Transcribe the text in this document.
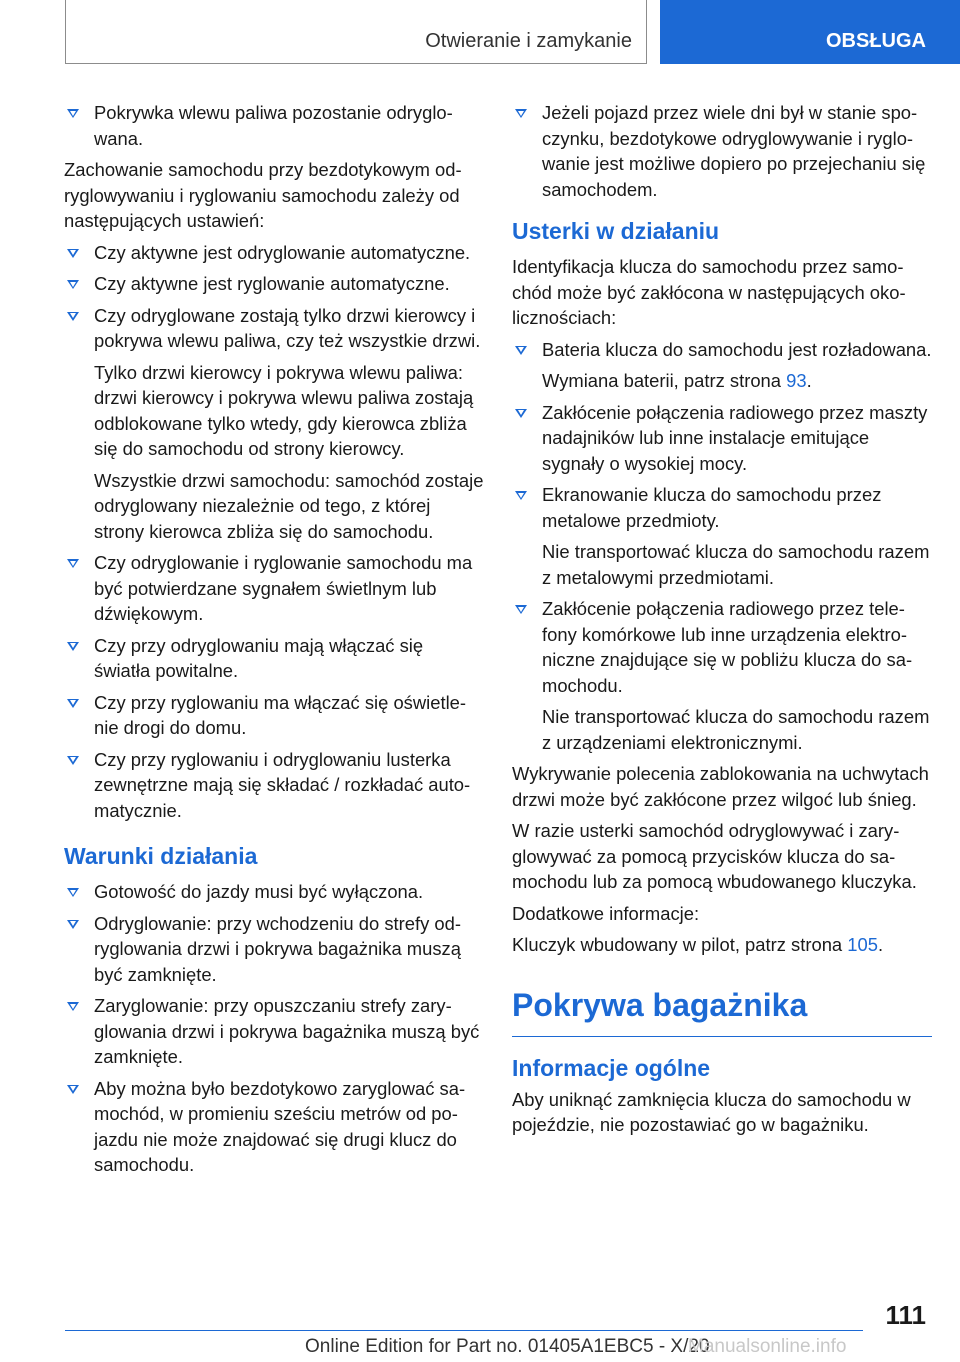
Otwieranie i zamykanie	OBSŁUGA
Pokrywka wlewu paliwa pozostanie odryglowana.

Zachowanie samochodu przy bezdotykowym odryglowywaniu i ryglowaniu samochodu zależy od następujących ustawień:

Czy aktywne jest odryglowanie automatyczne.
Czy aktywne jest ryglowanie automatyczne.
Czy odryglowane zostają tylko drzwi kierowcy i pokrywa wlewu paliwa, czy też wszystkie drzwi.
Tylko drzwi kierowcy i pokrywa wlewu paliwa: drzwi kierowcy i pokrywa wlewu paliwa zostają odblokowane tylko wtedy, gdy kierowca zbliża się do samochodu od strony kierowcy.
Wszystkie drzwi samochodu: samochód zostaje odryglowany niezależnie od tego, z której strony kierowca zbliża się do samochodu.
Czy odryglowanie i ryglowanie samochodu ma być potwierdzane sygnałem świetlnym lub dźwiękowym.
Czy przy odryglowaniu mają włączać się światła powitalne.
Czy przy ryglowaniu ma włączać się oświetlenie drogi do domu.
Czy przy ryglowaniu i odryglowaniu lusterka zewnętrzne mają się składać / rozkładać automatycznie.
Warunki działania
Gotowość do jazdy musi być wyłączona.
Odryglowanie: przy wchodzeniu do strefy odryglowania drzwi i pokrywa bagażnika muszą być zamknięte.
Zaryglowanie: przy opuszczaniu strefy zaryglowania drzwi i pokrywa bagażnika muszą być zamknięte.
Aby można było bezdotykowo zaryglować samochód, w promieniu sześciu metrów od pojazdu nie może znajdować się drugi klucz do samochodu.
Jeżeli pojazd przez wiele dni był w stanie spoczynku, bezdotykowe odryglowywanie i ryglowanie jest możliwe dopiero po przejechaniu się samochodem.
Usterki w działaniu

Identyfikacja klucza do samochodu przez samochód może być zakłócona w następujących okolicznościach:

Bateria klucza do samochodu jest rozładowana.
Wymiana baterii, patrz strona 93.
Zakłócenie połączenia radiowego przez maszty nadajników lub inne instalacje emitujące sygnały o wysokiej mocy.
Ekranowanie klucza do samochodu przez metalowe przedmioty.
Nie transportować klucza do samochodu razem z metalowymi przedmiotami.
Zakłócenie połączenia radiowego przez telefony komórkowe lub inne urządzenia elektroniczne znajdujące się w pobliżu klucza do samochodu.
Nie transportować klucza do samochodu razem z urządzeniami elektronicznymi.

Wykrywanie polecenia zablokowania na uchwytach drzwi może być zakłócone przez wilgoć lub śnieg.

W razie usterki samochód odryglowywać i zaryglowywać za pomocą przycisków klucza do samochodu lub za pomocą wbudowanego kluczyka.

Dodatkowe informacje:

Kluczyk wbudowany w pilot, patrz strona 105.

Pokrywa bagażnika
Informacje ogólne

Aby uniknąć zamknięcia klucza do samochodu w pojeździe, nie pozostawiać go w bagażniku.

111
Online Edition for Part no. 01405A1EBC5 - X/20
Manualsonline.info
